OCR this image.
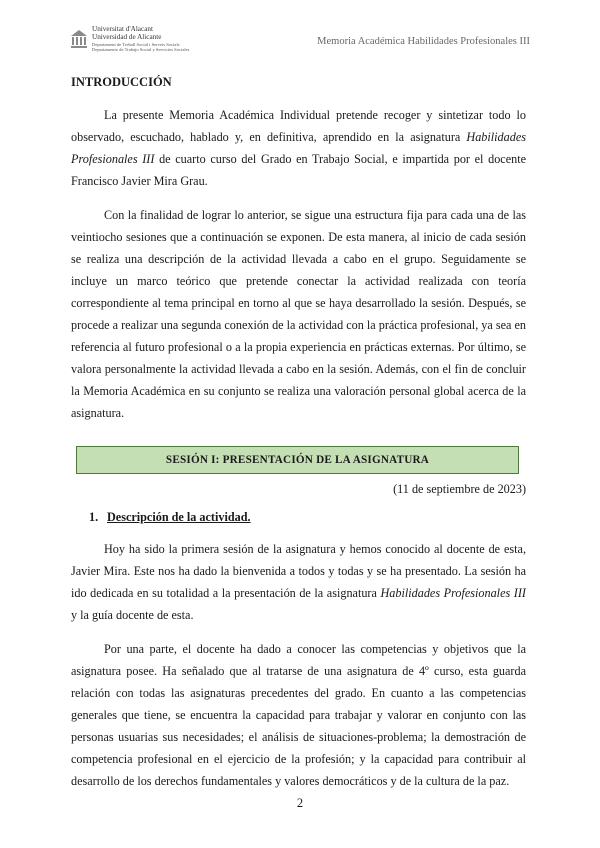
Universitat d'Alacant
Universidad de Alicante
Departament de Treball Social i Serveis Socials
Departamento de Trabajo Social y Servicios Sociales
Memoria Académica Habilidades Profesionales III
INTRODUCCIÓN

La presente Memoria Académica Individual pretende recoger y sintetizar todo lo observado, escuchado, hablado y, en definitiva, aprendido en la asignatura Habilidades Profesionales III de cuarto curso del Grado en Trabajo Social, e impartida por el docente Francisco Javier Mira Grau.

Con la finalidad de lograr lo anterior, se sigue una estructura fija para cada una de las veintiocho sesiones que a continuación se exponen. De esta manera, al inicio de cada sesión se realiza una descripción de la actividad llevada a cabo en el grupo. Seguidamente se incluye un marco teórico que pretende conectar la actividad realizada con teoría correspondiente al tema principal en torno al que se haya desarrollado la sesión. Después, se procede a realizar una segunda conexión de la actividad con la práctica profesional, ya sea en referencia al futuro profesional o a la propia experiencia en prácticas externas. Por último, se valora personalmente la actividad llevada a cabo en la sesión. Además, con el fin de concluir la Memoria Académica en su conjunto se realiza una valoración personal global acerca de la asignatura.

SESIÓN I: PRESENTACIÓN DE LA ASIGNATURA
(11 de septiembre de 2023)
1. Descripción de la actividad.

Hoy ha sido la primera sesión de la asignatura y hemos conocido al docente de esta, Javier Mira. Este nos ha dado la bienvenida a todos y todas y se ha presentado. La sesión ha ido dedicada en su totalidad a la presentación de la asignatura Habilidades Profesionales III y la guía docente de esta.

Por una parte, el docente ha dado a conocer las competencias y objetivos que la asignatura posee. Ha señalado que al tratarse de una asignatura de 4º curso, esta guarda relación con todas las asignaturas precedentes del grado. En cuanto a las competencias generales que tiene, se encuentra la capacidad para trabajar y valorar en conjunto con las personas usuarias sus necesidades; el análisis de situaciones-problema; la demostración de competencia profesional en el ejercicio de la profesión; y la capacidad para contribuir al desarrollo de los derechos fundamentales y valores democráticos y de la cultura de la paz.

2
